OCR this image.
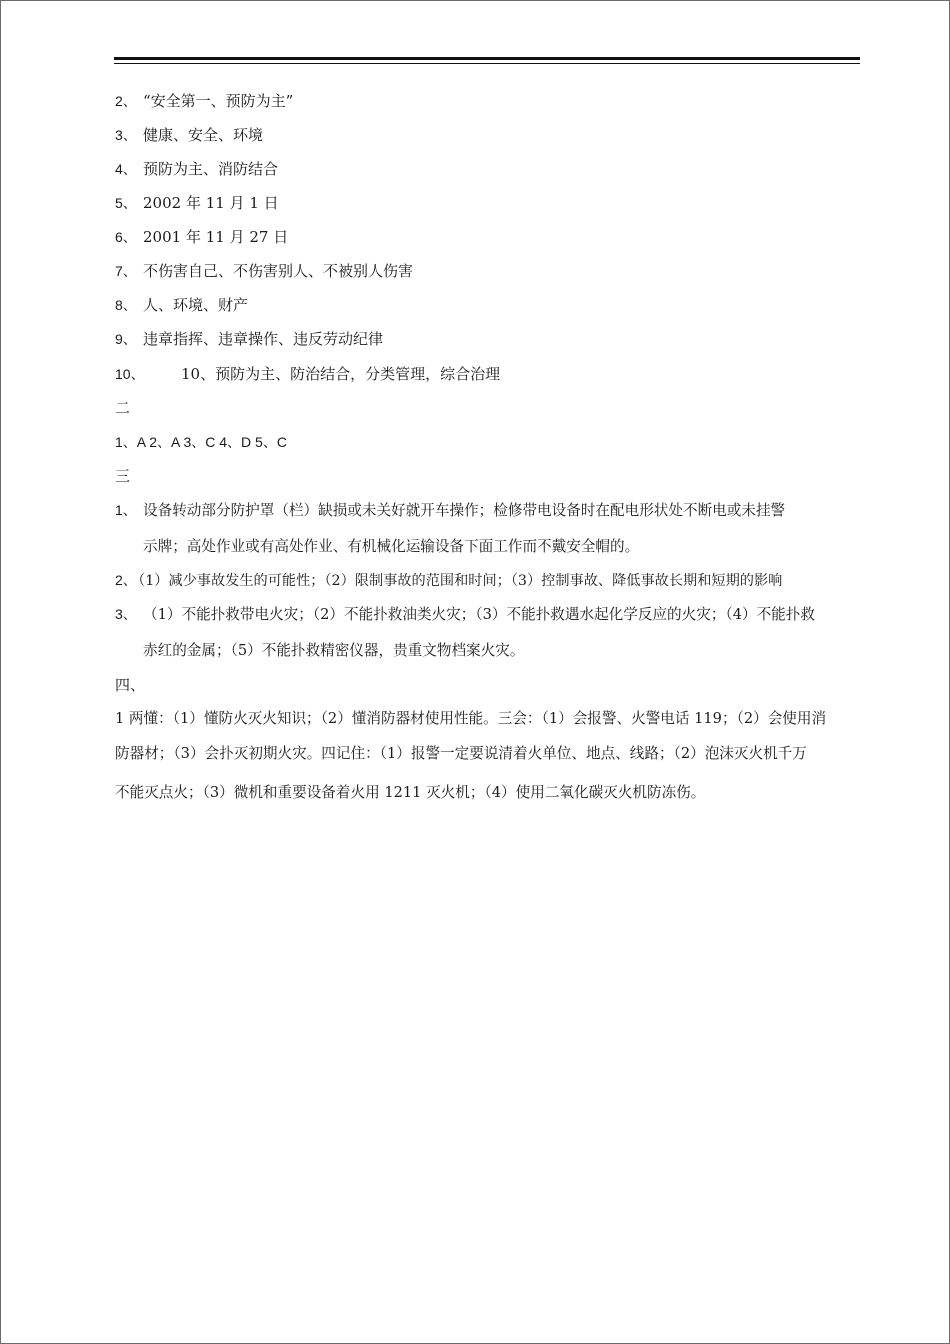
2、 “安全第一、预防为主”
3、 健康、安全、环境
4、 预防为主、消防结合
5、 2002 年 11 月 1 日
6、 2001 年 11 月 27 日
7、 不伤害自己、不伤害别人、不被别人伤害
8、 人、环境、财产
9、 违章指挥、违章操作、违反劳动纪律
10、 10、预防为主、防治结合，分类管理，综合治理
二
1、A 2、A 3、C 4、D 5、C
三
1、 设备转动部分防护罩（栏）缺损或未关好就开车操作；检修带电设备时在配电形状处不断电或未挂警
示牌；高处作业或有高处作业、有机械化运输设备下面工作而不戴安全帽的。
2、（1）减少事故发生的可能性；（2）限制事故的范围和时间；（3）控制事故、降低事故长期和短期的影响
3、 （1）不能扑救带电火灾；（2）不能扑救油类火灾；（3）不能扑救遇水起化学反应的火灾；（4）不能扑救
赤红的金属；（5）不能扑救精密仪器，贵重文物档案火灾。
四、
1 两懂：（1）懂防火灭火知识；（2）懂消防器材使用性能。三会：（1）会报警、火警电话 119；（2）会使用消
防器材；（3）会扑灭初期火灾。四记住：（1）报警一定要说清着火单位、地点、线路；（2）泡沫灭火机千万
不能灭点火；（3）微机和重要设备着火用 1211 灭火机；（4）使用二氧化碳灭火机防冻伤。
